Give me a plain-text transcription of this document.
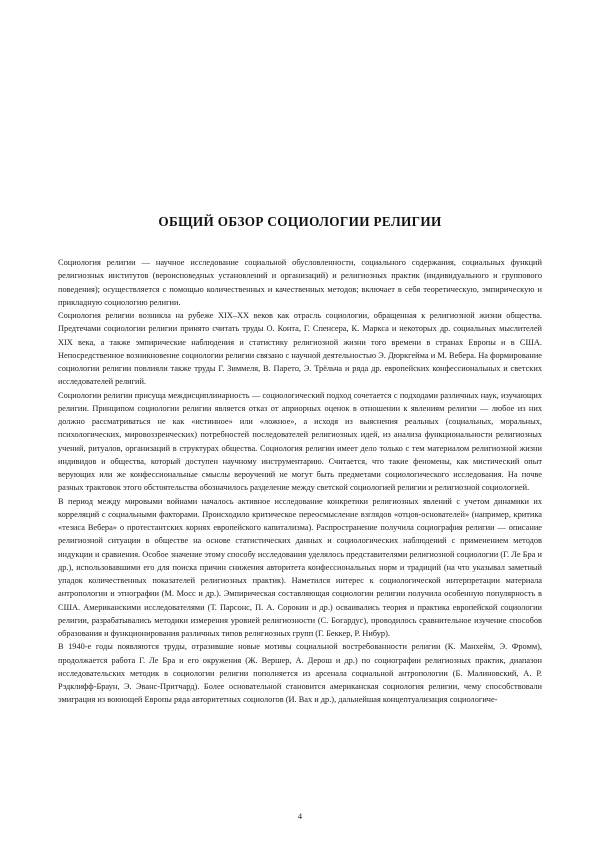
ОБЩИЙ ОБЗОР СОЦИОЛОГИИ РЕЛИГИИ

Социология религии — научное исследование социальной обусловленности, социального содержания, социальных функций религиозных институтов (вероисповедных установлений и организаций) и религиозных практик (индивидуального и группового поведения); осуществляется с помощью количественных и качественных методов; включает в себя теоретическую, эмпирическую и прикладную социологию религии.

Социология религии возникла на рубеже XIX–XX веков как отрасль социологии, обращенная к религиозной жизни общества. Предтечами социологии религии принято считать труды О. Конта, Г. Спенсера, К. Маркса и некоторых др. социальных мыслителей XIX века, а также эмпирические наблюдения и статистику религиозной жизни того времени в странах Европы и в США. Непосредственное возникновение социологии религии связано с научной деятельностью Э. Дюркгейма и М. Вебера. На формирование социологии религии повлияли также труды Г. Зиммеля, В. Парето, Э. Трёльча и ряда др. европейских конфессиональных и светских исследователей религий.

Социологии религии присуща междисциплинарность — социологический подход сочетается с подходами различных наук, изучающих религии. Принципом социологии религии является отказ от априорных оценок в отношении к явлениям религии — любое из них должно рассматриваться не как «истинное» или «ложное», а исходя из выяснения реальных (социальных, моральных, психологических, мировоззренческих) потребностей последователей религиозных идей, из анализа функциональности религиозных учений, ритуалов, организаций в структурах общества. Социология религии имеет дело только с тем материалом религиозной жизни индивидов и общества, который доступен научному инструментарию. Считается, что такие феномены, как мистический опыт верующих или же конфессиональные смыслы вероучений не могут быть предметами социологического исследования. На почве разных трактовок этого обстоятельства обозначилось разделение между светской социологией религии и религиозной социологией.

В период между мировыми войнами началось активное исследование конкретики религиозных явлений с учетом динамики их корреляций с социальными факторами. Происходило критическое переосмысление взглядов «отцов-основателей» (например, критика «тезиса Вебера» о протестантских корнях европейского капитализма). Распространение получила социография религии — описание религиозной ситуации в обществе на основе статистических данных и социологических наблюдений с применением методов индукции и сравнения. Особое значение этому способу исследования уделялось представителями религиозной социологии (Г. Ле Бра и др.), использовавшими его для поиска причин снижения авторитета конфессиональных норм и традиций (на что указывал заметный упадок количественных показателей религиозных практик). Наметился интерес к социологической интерпретации материала антропологии и этнографии (М. Мосс и др.). Эмпирическая составляющая социологии религии получила особенную популярность в США. Американскими исследователями (Т. Парсонс, П. А. Сорокин и др.) осваивались теория и практика европейской социологии религии, разрабатывались методики измерения уровней религиозности (С. Богардус), проводилось сравнительное изучение способов образования и функционирования различных типов религиозных групп (Г. Беккер, Р. Нибур).

В 1940-е годы появляются труды, отразившие новые мотивы социальной востребованности религии (К. Манхейм, Э. Фромм), продолжается работа Г. Ле Бра и его окружения (Ж. Вершер, А. Дерош и др.) по социографии религиозных практик, диапазон исследовательских методик в социологии религии пополняется из арсенала социальной антропологии (Б. Малиновский, А. Р. Рэдклифф-Браун, Э. Эванс-Притчард). Более основательной становится американская социология религии, чему способствовали эмиграция из воюющей Европы ряда авторитетных социологов (И. Вах и др.), дальнейшая концептуализация социологиче-

4
